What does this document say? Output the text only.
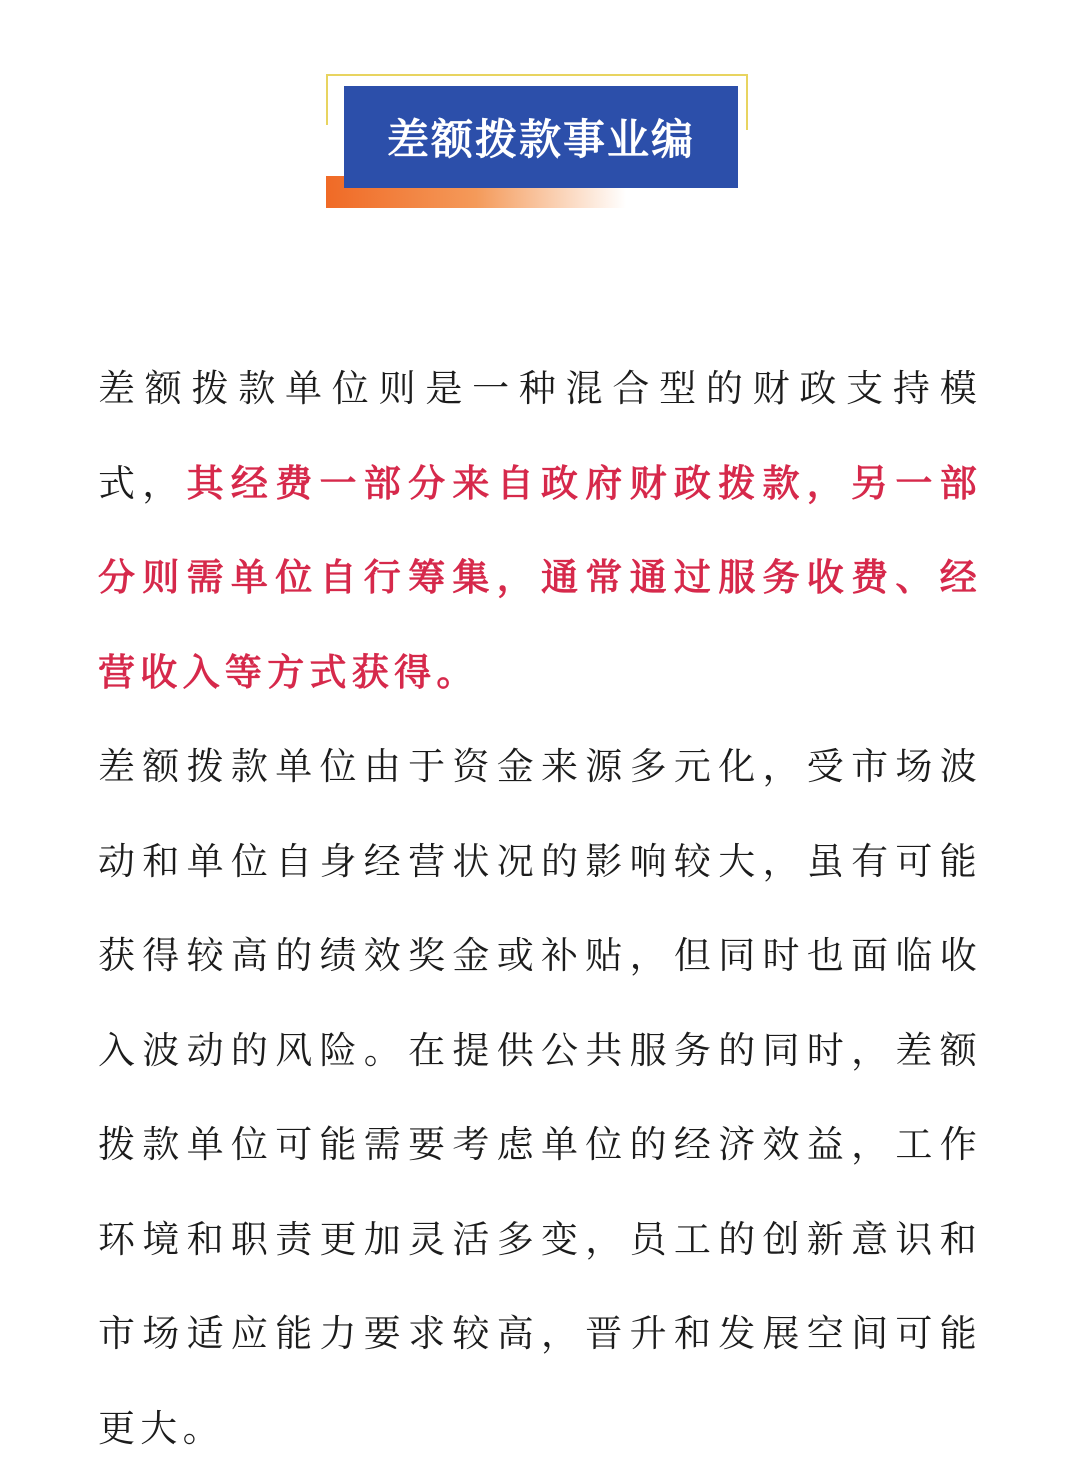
差额拨款事业编

差额拨款单位则是一种混合型的财政支持模式，其经费一部分来自政府财政拨款，另一部分则需单位自行筹集，通常通过服务收费、经营收入等方式获得。

差额拨款单位由于资金来源多元化，受市场波动和单位自身经营状况的影响较大，虽有可能获得较高的绩效奖金或补贴，但同时也面临收入波动的风险。在提供公共服务的同时，差额拨款单位可能需要考虑单位的经济效益，工作环境和职责更加灵活多变，员工的创新意识和市场适应能力要求较高，晋升和发展空间可能更大。
